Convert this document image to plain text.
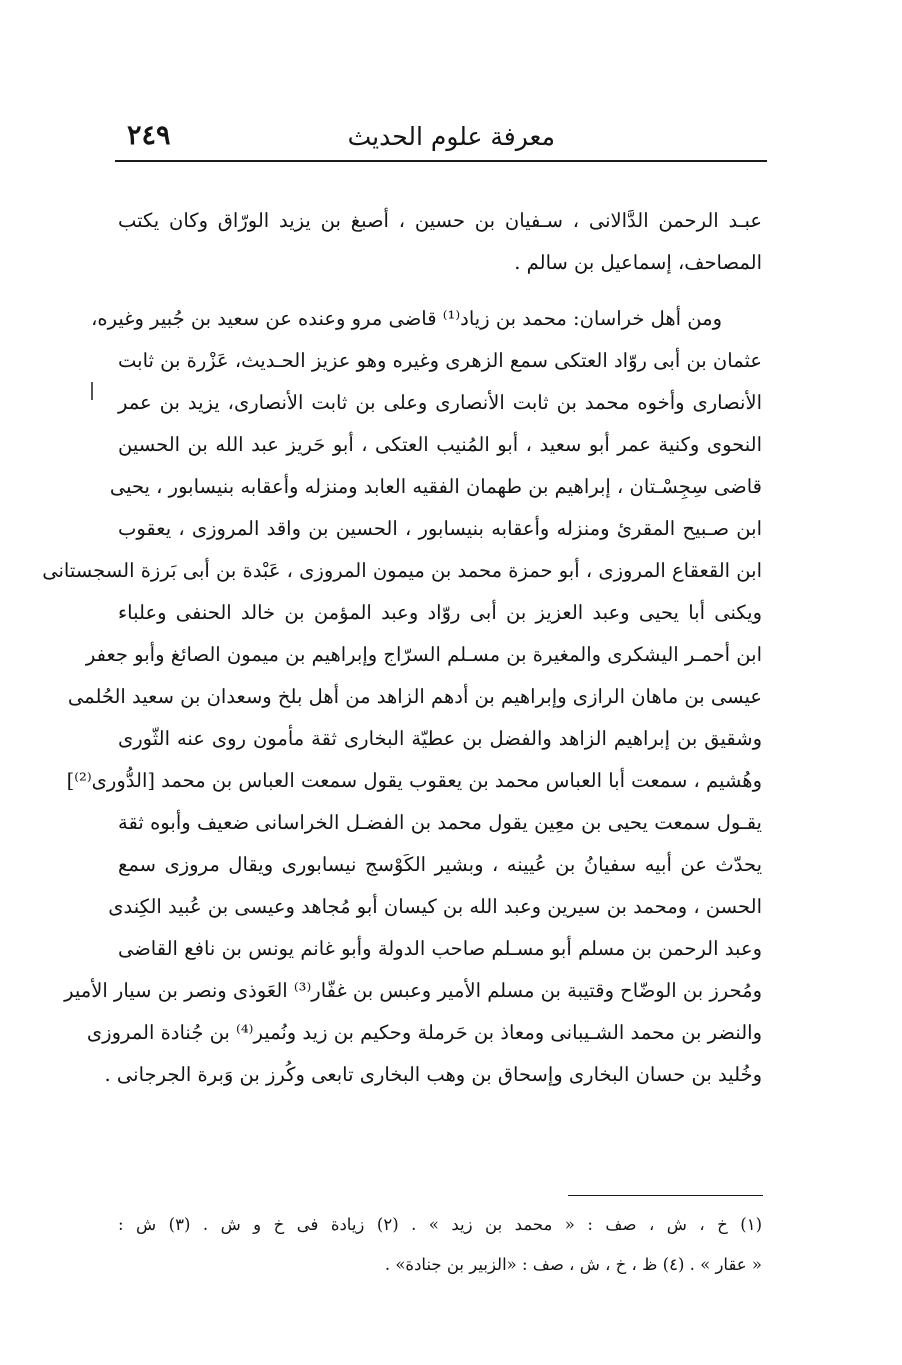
معرفة علوم الحديث
٢٤٩
عبـد الرحمن الدَّالانى ، سـفيان بن حسين ، أصبغ بن يزيد الورّاق وكان يكتب
المصاحف، إسماعيل بن سالم .
ومن أهل خراسان: محمد بن زياد⁽¹⁾ قاضى مرو وعنده عن سعيد بن جُبير وغيره،
عثمان بن أبى روّاد العتكى سمع الزهرى وغيره وهو عزيز الحـديث، عَزْرة بن ثابت
الأنصارى وأخوه محمد بن ثابت الأنصارى وعلى بن ثابت الأنصارى، يزيد بن عمر
النحوى وكنية عمر أبو سعيد ، أبو المُنيب العتكى ، أبو حَريز عبد الله بن الحسين
قاضى سِجِسْـتان ، إبراهيم بن طهمان الفقيه العابد ومنزله وأعقابه بنيسابور ، يحيى
ابن صـبيح المقرئ ومنزله وأعقابه بنيسابور ، الحسين بن واقد المروزى ، يعقوب
ابن القعقاع المروزى ، أبو حمزة محمد بن ميمون المروزى ، عَبْدة بن أبى بَرزة السجستانى
ويكنى أبا يحيى وعبد العزيز بن أبى روّاد وعبد المؤمن بن خالد الحنفى وعلباء
ابن أحمـر اليشكرى والمغيرة بن مسـلم السرّاج وإبراهيم بن ميمون الصائغ وأبو جعفر
عيسى بن ماهان الرازى وإبراهيم بن أدهم الزاهد من أهل بلخ وسعدان بن سعيد الحُلمى
وشقيق بن إبراهيم الزاهد والفضل بن عطيّة البخارى ثقة مأمون روى عنه الثّورى
وهُشيم ، سمعت أبا العباس محمد بن يعقوب يقول سمعت العباس بن محمد [الدُّورى⁽²⁾]
يقـول سمعت يحيى بن معِين يقول محمد بن الفضـل الخراسانى ضعيف وأبوه ثقة
يحدّث عن أبيه سفيانُ بن عُيينه ، وبشير الكَوْسج نيسابورى ويقال مروزى سمع
الحسن ، ومحمد بن سيرين وعبد الله بن كيسان أبو مُجاهد وعيسى بن عُبيد الكِندى
وعبد الرحمن بن مسلم أبو مسـلم صاحب الدولة وأبو غانم يونس بن نافع القاضى
ومُحرز بن الوضّاح وقتيبة بن مسلم الأمير وعبس بن غفّار⁽³⁾ العَوذى ونصر بن سيار الأمير
والنضر بن محمد الشـيبانى ومعاذ بن حَرملة وحكيم بن زيد ونُمير⁽⁴⁾ بن جُنادة المروزى
وخُليد بن حسان البخارى وإسحاق بن وهب البخارى تابعى وكُرز بن وَبرة الجرجانى .
(١) خ ، ش ، صف : « محمد بن زيد » . (٢) زيادة فى خ و ش . (٣) ش :
« عقار » . (٤) ظ ، خ ، ش ، صف : «الزبير بن جنادة» .
